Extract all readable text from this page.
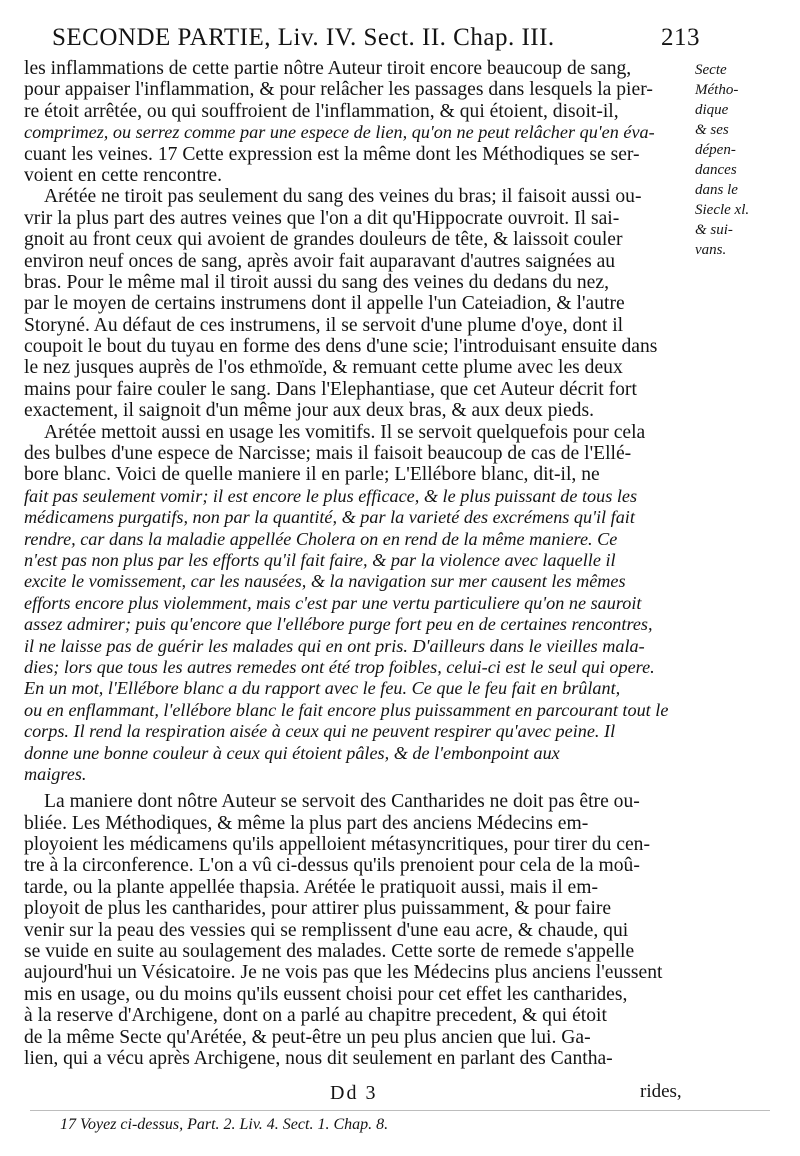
SECONDE PARTIE, Liv. IV. Sect. II. Chap. III.	213
les inflammations de cette partie nôtre Auteur tiroit encore beaucoup de sang,
pour appaiser l'inflammation, & pour relâcher les passages dans lesquels la pier-
re étoit arrêtée, ou qui souffroient de l'inflammation, & qui étoient, disoit-il,
comprimez, ou serrez comme par une espece de lien, qu'on ne peut relâcher qu'en éva-
cuant les veines. 17 Cette expression est la même dont les Méthodiques se ser-
voient en cette rencontre.
Arétée ne tiroit pas seulement du sang des veines du bras; il faisoit aussi ou-
vrir la plus part des autres veines que l'on a dit qu'Hippocrate ouvroit. Il sai-
gnoit au front ceux qui avoient de grandes douleurs de tête, & laissoit couler
environ neuf onces de sang, après avoir fait auparavant d'autres saignées au
bras. Pour le même mal il tiroit aussi du sang des veines du dedans du nez,
par le moyen de certains instrumens dont il appelle l'un Cateiadion, & l'autre
Storyné. Au défaut de ces instrumens, il se servoit d'une plume d'oye, dont il
coupoit le bout du tuyau en forme des dens d'une scie; l'introduisant ensuite dans
le nez jusques auprès de l'os ethmoïde, & remuant cette plume avec les deux
mains pour faire couler le sang. Dans l'Elephantiase, que cet Auteur décrit fort
exactement, il saignoit d'un même jour aux deux bras, & aux deux pieds.
Arétée mettoit aussi en usage les vomitifs. Il se servoit quelquefois pour cela
des bulbes d'une espece de Narcisse; mais il faisoit beaucoup de cas de l'Ellé-
bore blanc. Voici de quelle maniere il en parle; L'Ellébore blanc, dit-il, ne
fait pas seulement vomir; il est encore le plus efficace, & le plus puissant de tous les
médicamens purgatifs, non par la quantité, & par la varieté des excrémens qu'il fait
rendre, car dans la maladie appellée Cholera on en rend de la même maniere. Ce
n'est pas non plus par les efforts qu'il fait faire, & par la violence avec laquelle il
excite le vomissement, car les nausées, & la navigation sur mer causent les mêmes
efforts encore plus violemment, mais c'est par une vertu particuliere qu'on ne sauroit
assez admirer; puis qu'encore que l'ellébore purge fort peu en de certaines rencontres,
il ne laisse pas de guérir les malades qui en ont pris. D'ailleurs dans le vieilles mala-
dies; lors que tous les autres remedes ont été trop foibles, celui-ci est le seul qui opere.
En un mot, l'Ellébore blanc a du rapport avec le feu. Ce que le feu fait en brûlant,
ou en enflammant, l'ellébore blanc le fait encore plus puissamment en parcourant tout le
corps. Il rend la respiration aisée à ceux qui ne peuvent respirer qu'avec peine. Il
donne une bonne couleur à ceux qui étoient pâles, & de l'embonpoint aux
maigres.
La maniere dont nôtre Auteur se servoit des Cantharides ne doit pas être ou-
bliée. Les Méthodiques, & même la plus part des anciens Médecins em-
ployoient les médicamens qu'ils appelloient métasyncritiques, pour tirer du cen-
tre à la circonference. L'on a vû ci-dessus qu'ils prenoient pour cela de la moû-
tarde, ou la plante appellée thapsia. Arétée le pratiquoit aussi, mais il em-
ployoit de plus les cantharides, pour attirer plus puissamment, & pour faire
venir sur la peau des vessies qui se remplissent d'une eau acre, & chaude, qui
se vuide en suite au soulagement des malades. Cette sorte de remede s'appelle
aujourd'hui un Vésicatoire. Je ne vois pas que les Médecins plus anciens l'eussent
mis en usage, ou du moins qu'ils eussent choisi pour cet effet les cantharides,
à la reserve d'Archigene, dont on a parlé au chapitre precedent, & qui étoit
de la même Secte qu'Arétée, & peut-être un peu plus ancien que lui. Ga-
lien, qui a vécu après Archigene, nous dit seulement en parlant des Cantha-
Secte
Métho-
dique
& ses
dépen-
dances
dans le
Siecle xl.
& sui-
vans.
Dd 3	rides,
17 Voyez ci-dessus, Part. 2. Liv. 4. Sect. 1. Chap. 8.
